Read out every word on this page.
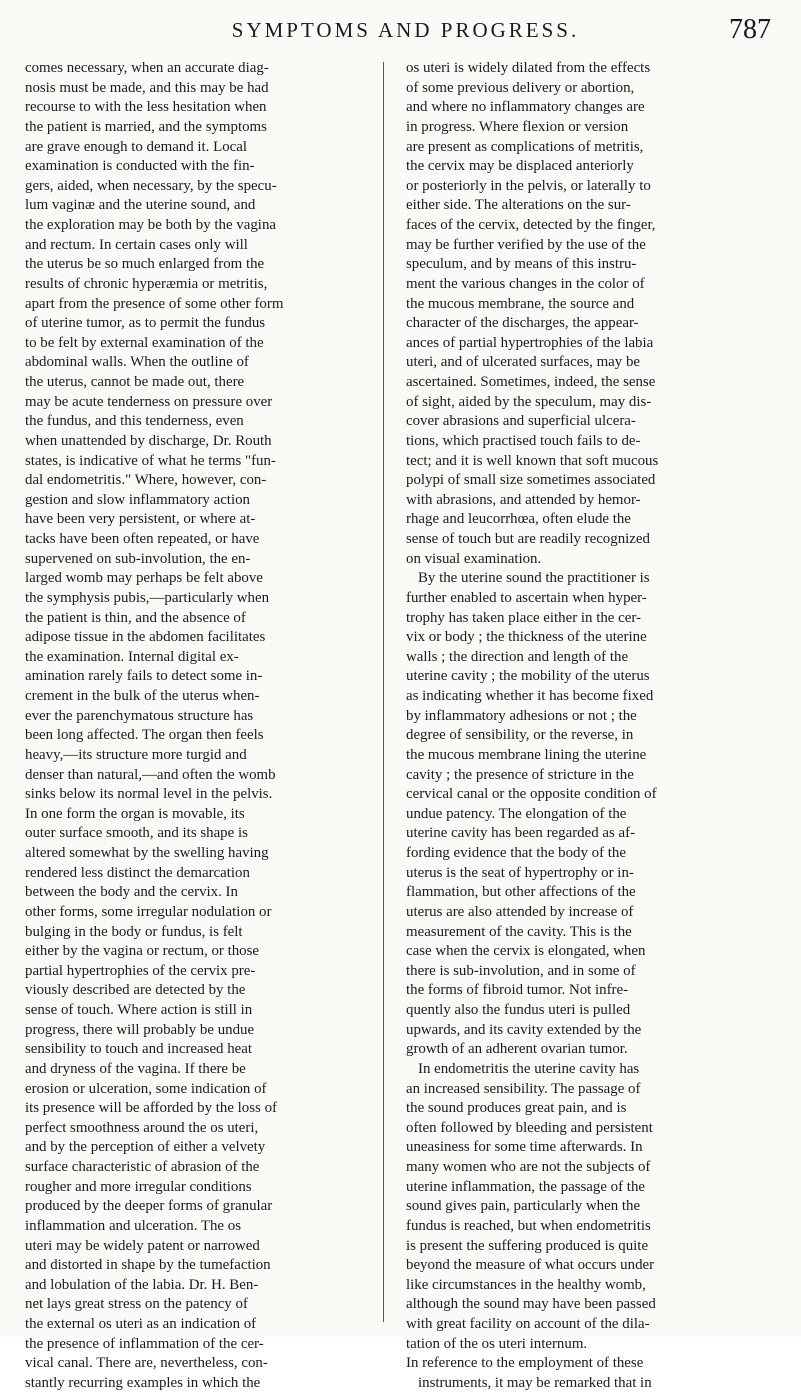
SYMPTOMS AND PROGRESS.	787
comes necessary, when an accurate diag-
nosis must be made, and this may be had
recourse to with the less hesitation when
the patient is married, and the symptoms
are grave enough to demand it. Local
examination is conducted with the fin-
gers, aided, when necessary, by the specu-
lum vaginæ and the uterine sound, and
the exploration may be both by the vagina
and rectum. In certain cases only will
the uterus be so much enlarged from the
results of chronic hyperæmia or metritis,
apart from the presence of some other form
of uterine tumor, as to permit the fundus
to be felt by external examination of the
abdominal walls. When the outline of
the uterus, cannot be made out, there
may be acute tenderness on pressure over
the fundus, and this tenderness, even
when unattended by discharge, Dr. Routh
states, is indicative of what he terms "fun-
dal endometritis." Where, however, con-
gestion and slow inflammatory action
have been very persistent, or where at-
tacks have been often repeated, or have
supervened on sub-involution, the en-
larged womb may perhaps be felt above
the symphysis pubis,—particularly when
the patient is thin, and the absence of
adipose tissue in the abdomen facilitates
the examination. Internal digital ex-
amination rarely fails to detect some in-
crement in the bulk of the uterus when-
ever the parenchymatous structure has
been long affected. The organ then feels
heavy,—its structure more turgid and
denser than natural,—and often the womb
sinks below its normal level in the pelvis.
In one form the organ is movable, its
outer surface smooth, and its shape is
altered somewhat by the swelling having
rendered less distinct the demarcation
between the body and the cervix. In
other forms, some irregular nodulation or
bulging in the body or fundus, is felt
either by the vagina or rectum, or those
partial hypertrophies of the cervix pre-
viously described are detected by the
sense of touch. Where action is still in
progress, there will probably be undue
sensibility to touch and increased heat
and dryness of the vagina. If there be
erosion or ulceration, some indication of
its presence will be afforded by the loss of
perfect smoothness around the os uteri,
and by the perception of either a velvety
surface characteristic of abrasion of the
rougher and more irregular conditions
produced by the deeper forms of granular
inflammation and ulceration. The os
uteri may be widely patent or narrowed
and distorted in shape by the tumefaction
and lobulation of the labia. Dr. H. Ben-
net lays great stress on the patency of
the external os uteri as an indication of
the presence of inflammation of the cer-
vical canal. There are, nevertheless, con-
stantly recurring examples in which the
os uteri is widely dilated from the effects
of some previous delivery or abortion,
and where no inflammatory changes are
in progress. Where flexion or version
are present as complications of metritis,
the cervix may be displaced anteriorly
or posteriorly in the pelvis, or laterally to
either side. The alterations on the sur-
faces of the cervix, detected by the finger,
may be further verified by the use of the
speculum, and by means of this instru-
ment the various changes in the color of
the mucous membrane, the source and
character of the discharges, the appear-
ances of partial hypertrophies of the labia
uteri, and of ulcerated surfaces, may be
ascertained. Sometimes, indeed, the sense
of sight, aided by the speculum, may dis-
cover abrasions and superficial ulcera-
tions, which practised touch fails to de-
tect; and it is well known that soft mucous
polypi of small size sometimes associated
with abrasions, and attended by hemor-
rhage and leucorrhœa, often elude the
sense of touch but are readily recognized
on visual examination.
By the uterine sound the practitioner is
further enabled to ascertain when hyper-
trophy has taken place either in the cer-
vix or body ; the thickness of the uterine
walls ; the direction and length of the
uterine cavity ; the mobility of the uterus
as indicating whether it has become fixed
by inflammatory adhesions or not ; the
degree of sensibility, or the reverse, in
the mucous membrane lining the uterine
cavity ; the presence of stricture in the
cervical canal or the opposite condition of
undue patency. The elongation of the
uterine cavity has been regarded as af-
fording evidence that the body of the
uterus is the seat of hypertrophy or in-
flammation, but other affections of the
uterus are also attended by increase of
measurement of the cavity. This is the
case when the cervix is elongated, when
there is sub-involution, and in some of
the forms of fibroid tumor. Not infre-
quently also the fundus uteri is pulled
upwards, and its cavity extended by the
growth of an adherent ovarian tumor.
In endometritis the uterine cavity has
an increased sensibility. The passage of
the sound produces great pain, and is
often followed by bleeding and persistent
uneasiness for some time afterwards. In
many women who are not the subjects of
uterine inflammation, the passage of the
sound gives pain, particularly when the
fundus is reached, but when endometritis
is present the suffering produced is quite
beyond the measure of what occurs under
like circumstances in the healthy womb,
although the sound may have been passed
with great facility on account of the dila-
tation of the os uteri internum.
In reference to the employment of these
instruments, it may be remarked that in
